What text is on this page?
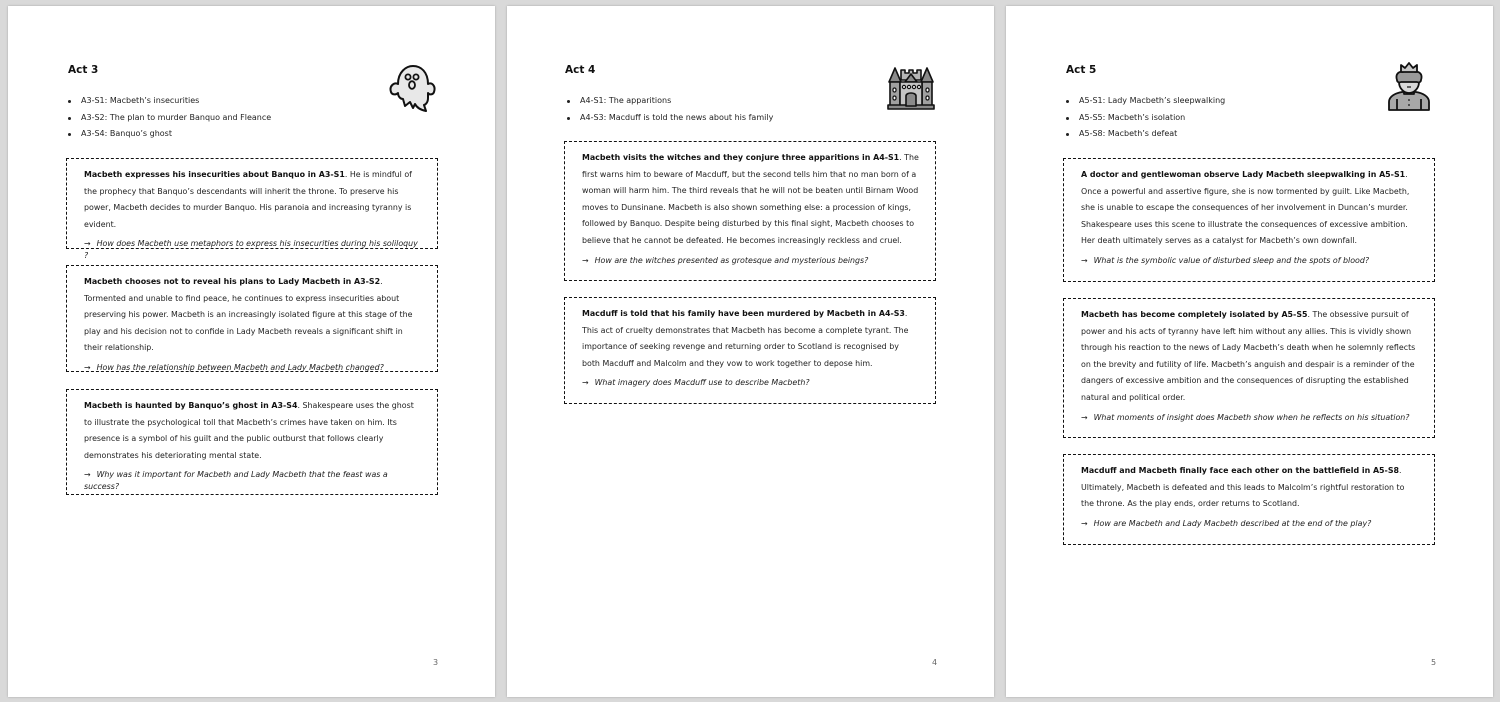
Act 3
A3-S1: Macbeth’s insecurities
A3-S2: The plan to murder Banquo and Fleance
A3-S4: Banquo’s ghost

Macbeth expresses his insecurities about Banquo in A3-S1. He is mindful of the prophecy that Banquo’s descendants will inherit the throne. To preserve his power, Macbeth decides to murder Banquo. His paranoia and increasing tyranny is evident.

→ How does Macbeth use metaphors to express his insecurities during his soliloquy ?

Macbeth chooses not to reveal his plans to Lady Macbeth in A3-S2. Tormented and unable to find peace, he continues to express insecurities about preserving his power. Macbeth is an increasingly isolated figure at this stage of the play and his decision not to confide in Lady Macbeth reveals a significant shift in their relationship.

→ How has the relationship between Macbeth and Lady Macbeth changed?

Macbeth is haunted by Banquo’s ghost in A3-S4. Shakespeare uses the ghost to illustrate the psychological toll that Macbeth’s crimes have taken on him. Its presence is a symbol of his guilt and the public outburst that follows clearly demonstrates his deteriorating mental state.

→ Why was it important for Macbeth and Lady Macbeth that the feast was a success?
3
Act 4
A4-S1: The apparitions
A4-S3: Macduff is told the news about his family

Macbeth visits the witches and they conjure three apparitions in A4-S1. The first warns him to beware of Macduff, but the second tells him that no man born of a woman will harm him. The third reveals that he will not be beaten until Birnam Wood moves to Dunsinane. Macbeth is also shown something else: a procession of kings, followed by Banquo. Despite being disturbed by this final sight, Macbeth chooses to believe that he cannot be defeated. He becomes increasingly reckless and cruel.

→ How are the witches presented as grotesque and mysterious beings?

Macduff is told that his family have been murdered by Macbeth in A4-S3. This act of cruelty demonstrates that Macbeth has become a complete tyrant. The importance of seeking revenge and returning order to Scotland is recognised by both Macduff and Malcolm and they vow to work together to depose him.

→ What imagery does Macduff use to describe Macbeth?
4
Act 5
A5-S1: Lady Macbeth’s sleepwalking
A5-S5: Macbeth’s isolation
A5-S8: Macbeth’s defeat

A doctor and gentlewoman observe Lady Macbeth sleepwalking in A5-S1. Once a powerful and assertive figure, she is now tormented by guilt. Like Macbeth, she is unable to escape the consequences of her involvement in Duncan’s murder. Shakespeare uses this scene to illustrate the consequences of excessive ambition. Her death ultimately serves as a catalyst for Macbeth’s own downfall.

→ What is the symbolic value of disturbed sleep and the spots of blood?

Macbeth has become completely isolated by A5-S5. The obsessive pursuit of power and his acts of tyranny have left him without any allies. This is vividly shown through his reaction to the news of Lady Macbeth’s death when he solemnly reflects on the brevity and futility of life. Macbeth’s anguish and despair is a reminder of the dangers of excessive ambition and the consequences of disrupting the established natural and political order.

→ What moments of insight does Macbeth show when he reflects on his situation?

Macduff and Macbeth finally face each other on the battlefield in A5-S8. Ultimately, Macbeth is defeated and this leads to Malcolm’s rightful restoration to the throne. As the play ends, order returns to Scotland.

→ How are Macbeth and Lady Macbeth described at the end of the play?
5
